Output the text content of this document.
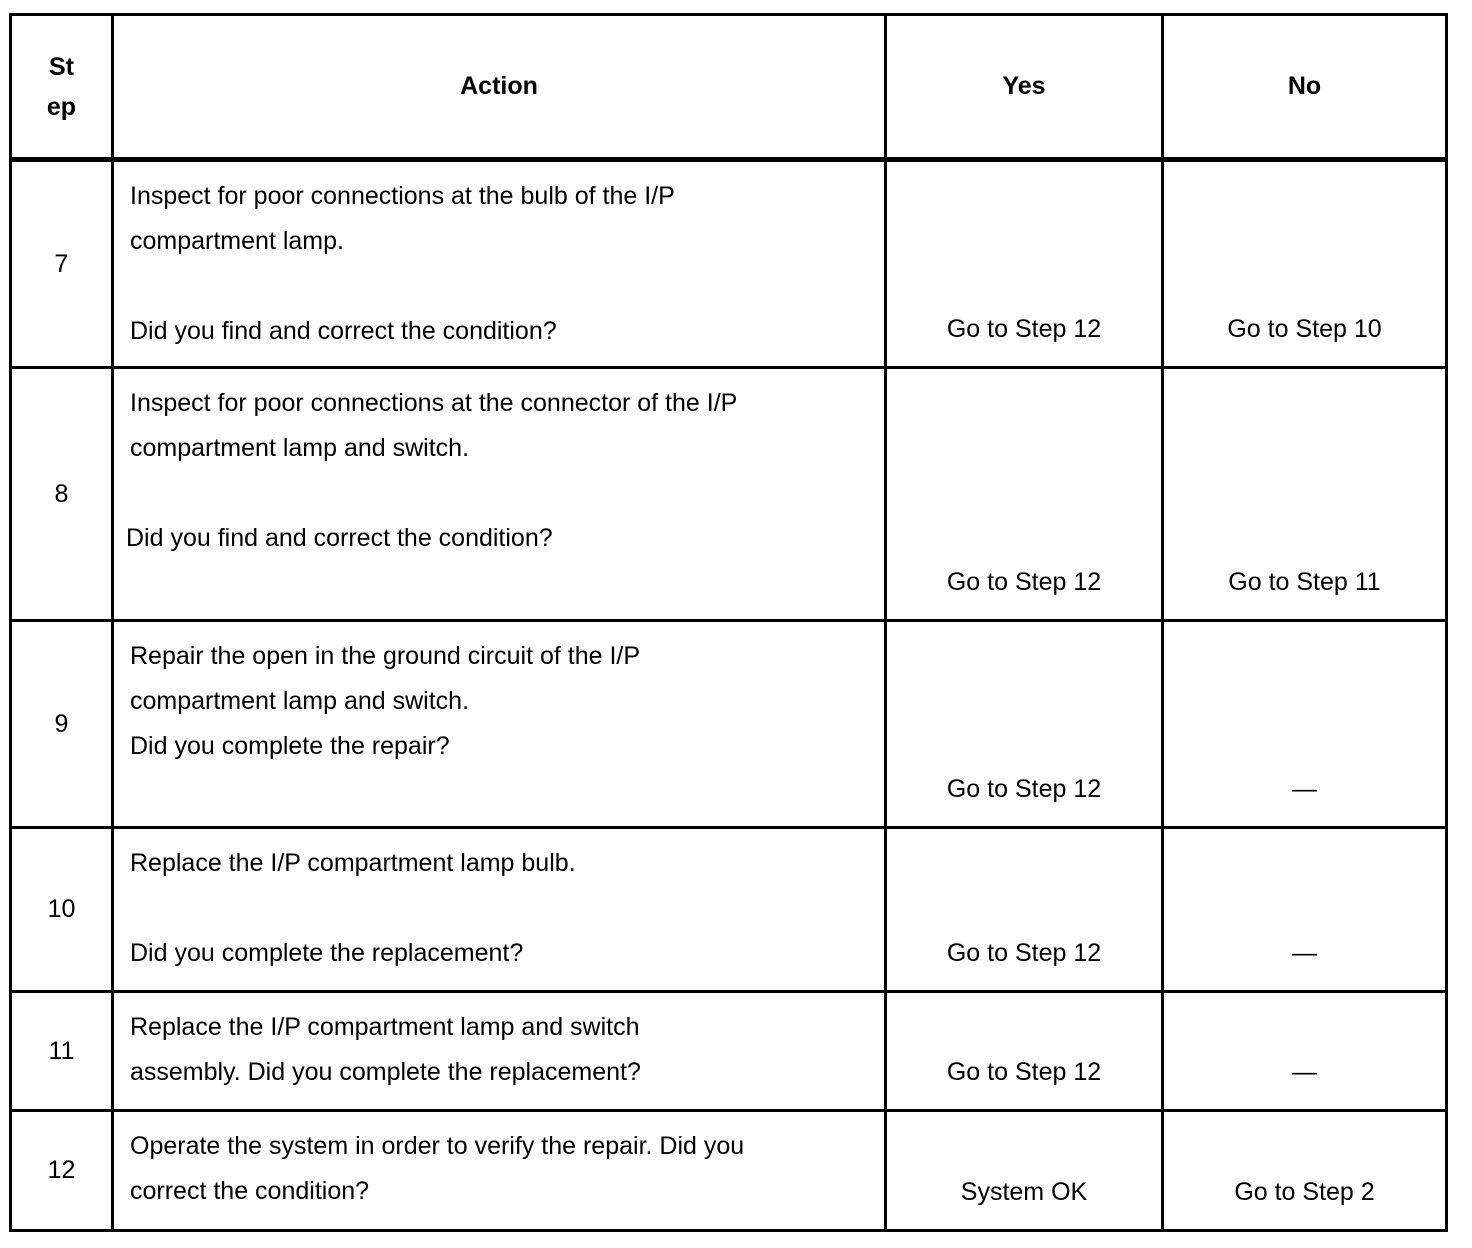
St
ep	Action	Yes	No
7	Inspect for poor connections at the bulb of the I/P
compartment lamp.
Did you find and correct the condition?	Go to Step 12	Go to Step 10
8	Inspect for poor connections at the connector of the I/P
compartment lamp and switch.
Did you find and correct the condition?	Go to Step 12	Go to Step 11
9	Repair the open in the ground circuit of the I/P
compartment lamp and switch.
Did you complete the repair?	Go to Step 12	—
10	Replace the I/P compartment lamp bulb.
Did you complete the replacement?	Go to Step 12	—
11	Replace the I/P compartment lamp and switch
assembly. Did you complete the replacement?	Go to Step 12	—
12	Operate the system in order to verify the repair. Did you
correct the condition?	System OK	Go to Step 2
